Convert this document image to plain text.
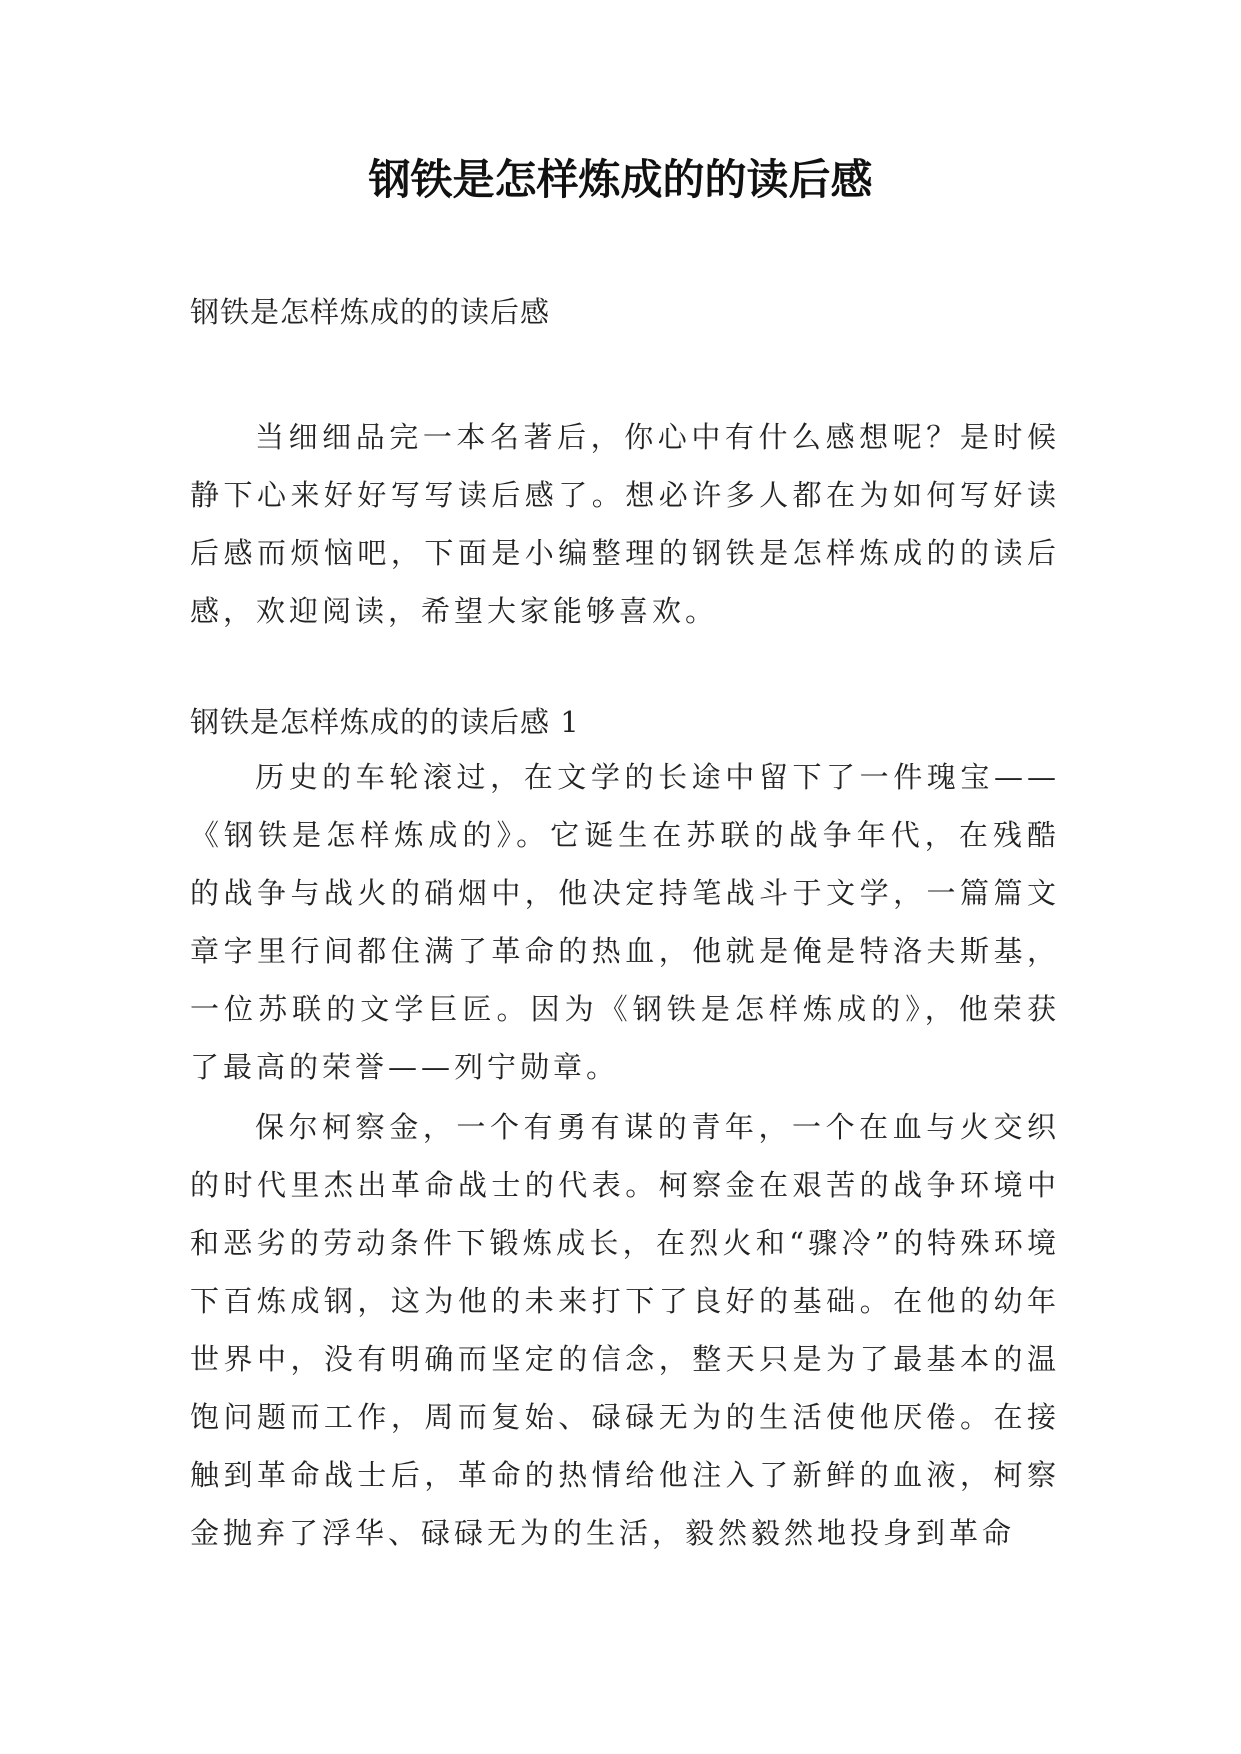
钢铁是怎样炼成的的读后感

钢铁是怎样炼成的的读后感

当细细品完一本名著后，你心中有什么感想呢？是时候静下心来好好写写读后感了。想必许多人都在为如何写好读后感而烦恼吧，下面是小编整理的钢铁是怎样炼成的的读后感，欢迎阅读，希望大家能够喜欢。

钢铁是怎样炼成的的读后感 1

历史的车轮滚过，在文学的长途中留下了一件瑰宝——《钢铁是怎样炼成的》。它诞生在苏联的战争年代，在残酷的战争与战火的硝烟中，他决定持笔战斗于文学，一篇篇文章字里行间都住满了革命的热血，他就是俺是特洛夫斯基，一位苏联的文学巨匠。因为《钢铁是怎样炼成的》，他荣获了最高的荣誉——列宁勋章。

保尔柯察金，一个有勇有谋的青年，一个在血与火交织的时代里杰出革命战士的代表。柯察金在艰苦的战争环境中和恶劣的劳动条件下锻炼成长，在烈火和“骤冷”的特殊环境下百炼成钢，这为他的未来打下了良好的基础。在他的幼年世界中，没有明确而坚定的信念，整天只是为了最基本的温饱问题而工作，周而复始、碌碌无为的生活使他厌倦。在接触到革命战士后，革命的热情给他注入了新鲜的血液，柯察金抛弃了浮华、碌碌无为的生活，毅然毅然地投身到革命
